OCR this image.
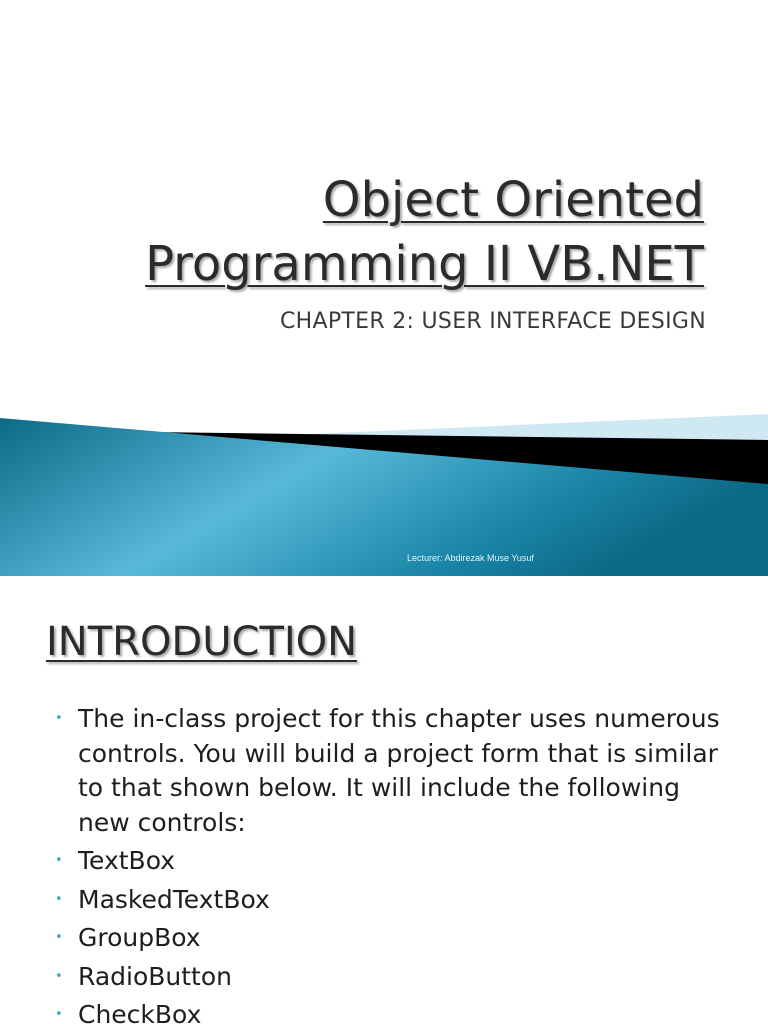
Object Oriented
Programming II VB.NET

CHAPTER 2: USER INTERFACE DESIGN

Lecturer: Abdirezak Muse Yusuf
INTRODUCTION
• The in-class project for this chapter uses numerous controls. You will build a project form that is similar to that shown below. It will include the following new controls:
• TextBox
• MaskedTextBox
• GroupBox
• RadioButton
• CheckBox
